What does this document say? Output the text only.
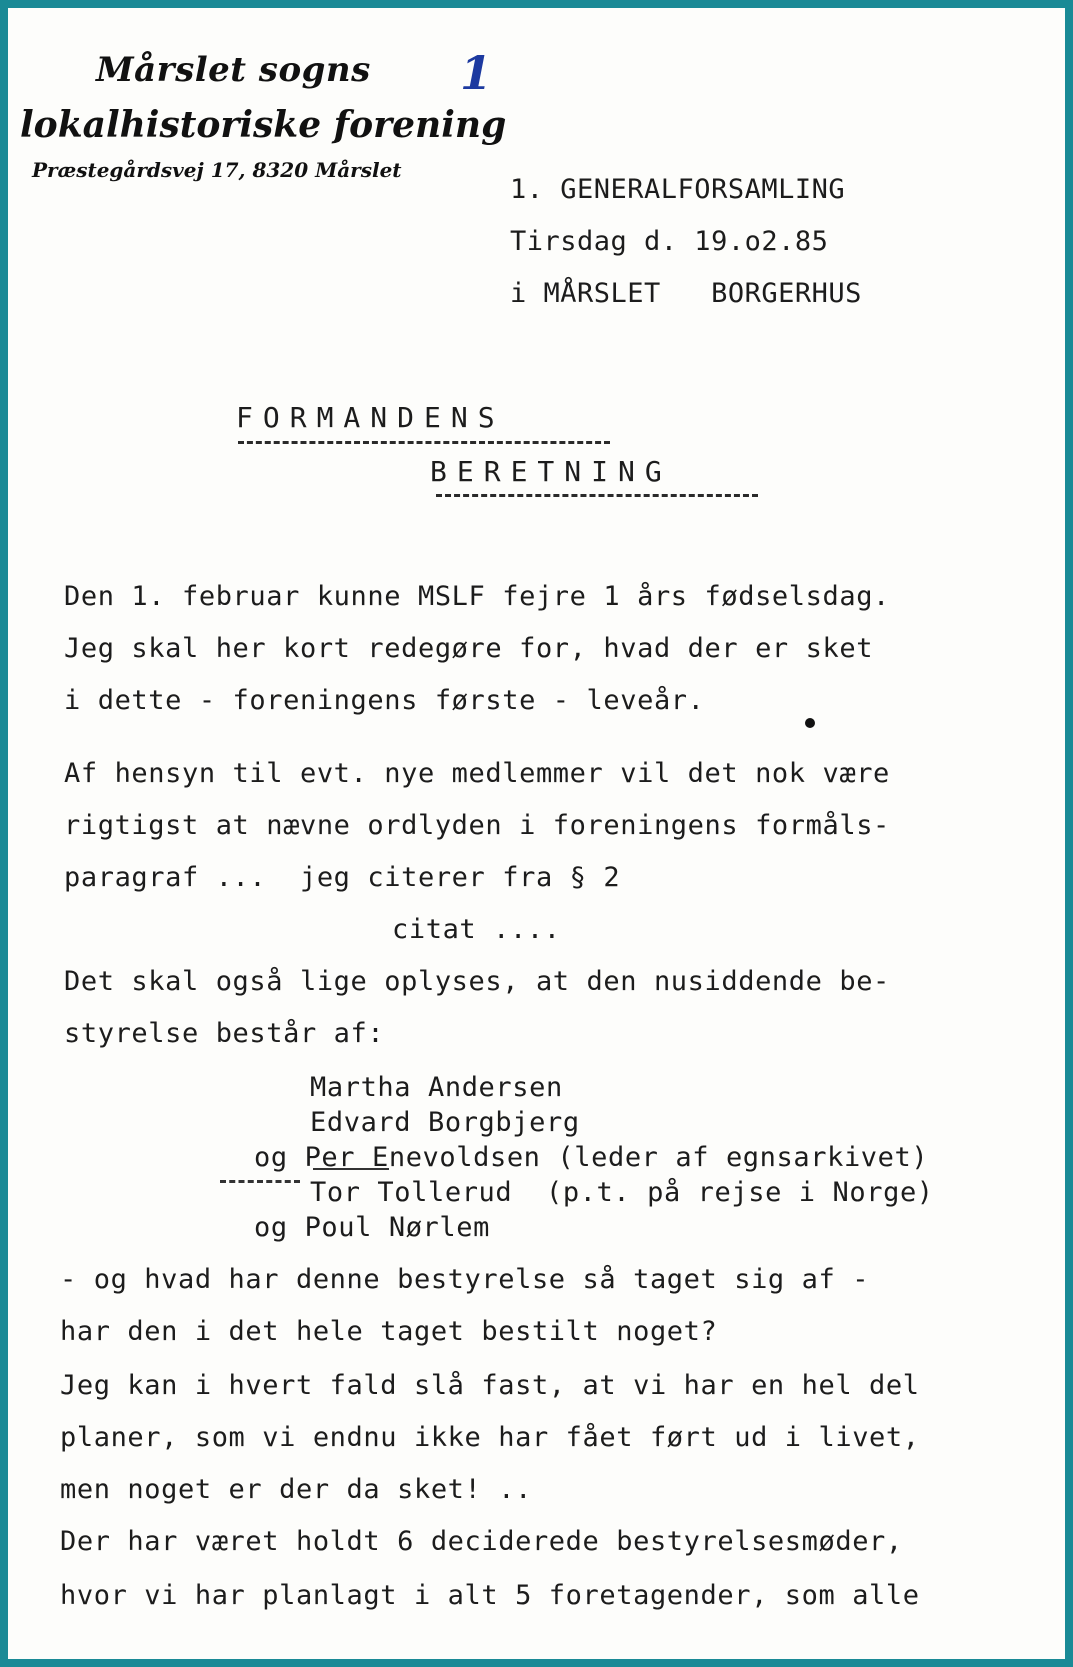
Mårslet sogns
lokalhistoriske forening
Præstegårdsvej 17, 8320 Mårslet
1
1. GENERALFORSAMLING
Tirsdag d. 19.o2.85
i MÅRSLET   BORGERHUS
FORMANDENS
BERETNING
Den 1. februar kunne MSLF fejre 1 års fødselsdag.
Jeg skal her kort redegøre for, hvad der er sket
i dette - foreningens første - leveår.
Af hensyn til evt. nye medlemmer vil det nok være
rigtigst at nævne ordlyden i foreningens formåls-
paragraf ...  jeg citerer fra § 2
citat ....
Det skal også lige oplyses, at den nusiddende be-
styrelse består af:
Martha Andersen
Edvard Borgbjerg
og Per Enevoldsen (leder af egnsarkivet)
Tor Tollerud  (p.t. på rejse i Norge)
og Poul Nørlem
- og hvad har denne bestyrelse så taget sig af -
har den i det hele taget bestilt noget?
Jeg kan i hvert fald slå fast, at vi har en hel del
planer, som vi endnu ikke har fået ført ud i livet,
men noget er der da sket! ..
Der har været holdt 6 deciderede bestyrelsesmøder,
hvor vi har planlagt i alt 5 foretagender, som alle
